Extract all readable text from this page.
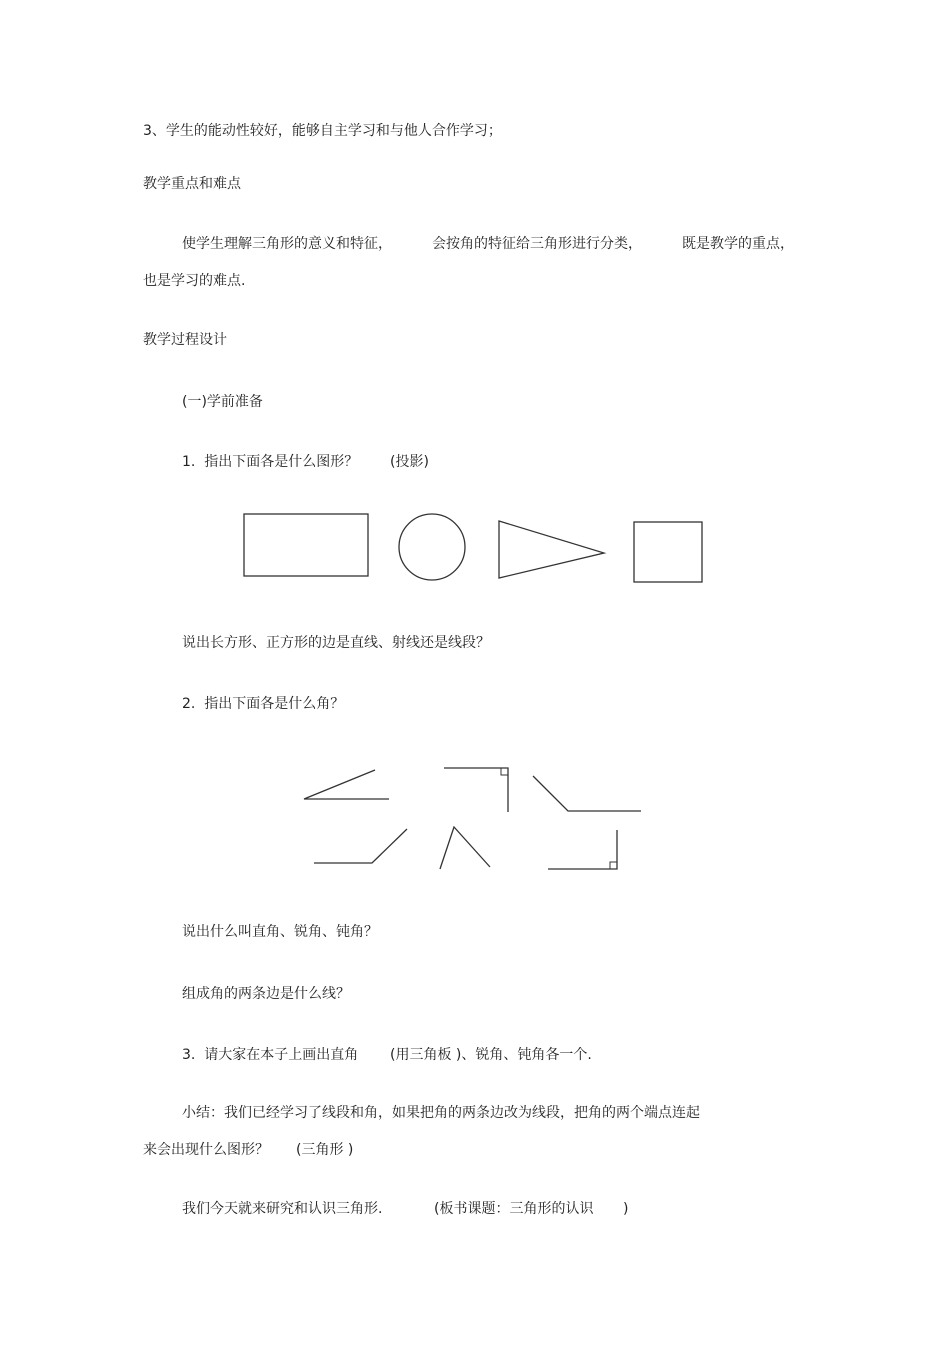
3、学生的能动性较好，能够自主学习和与他人合作学习；
教学重点和难点
使学生理解三角形的意义和特征，	会按角的特征给三角形进行分类，	既是教学的重点，
也是学习的难点.
教学过程设计
(一)学前准备
1.  指出下面各是什么图形？ (投影)
说出长方形、正方形的边是直线、射线还是线段？
2.  指出下面各是什么角？
说出什么叫直角、锐角、钝角？
组成角的两条边是什么线？
3.  请大家在本子上画出直角 (用三角板 )、锐角、钝角各一个.
小结：我们已经学习了线段和角，如果把角的两条边改为线段，把角的两个端点连起
来会出现什么图形？ (三角形 )
我们今天就来研究和认识三角形.	(板书课题：三角形的认识 )
